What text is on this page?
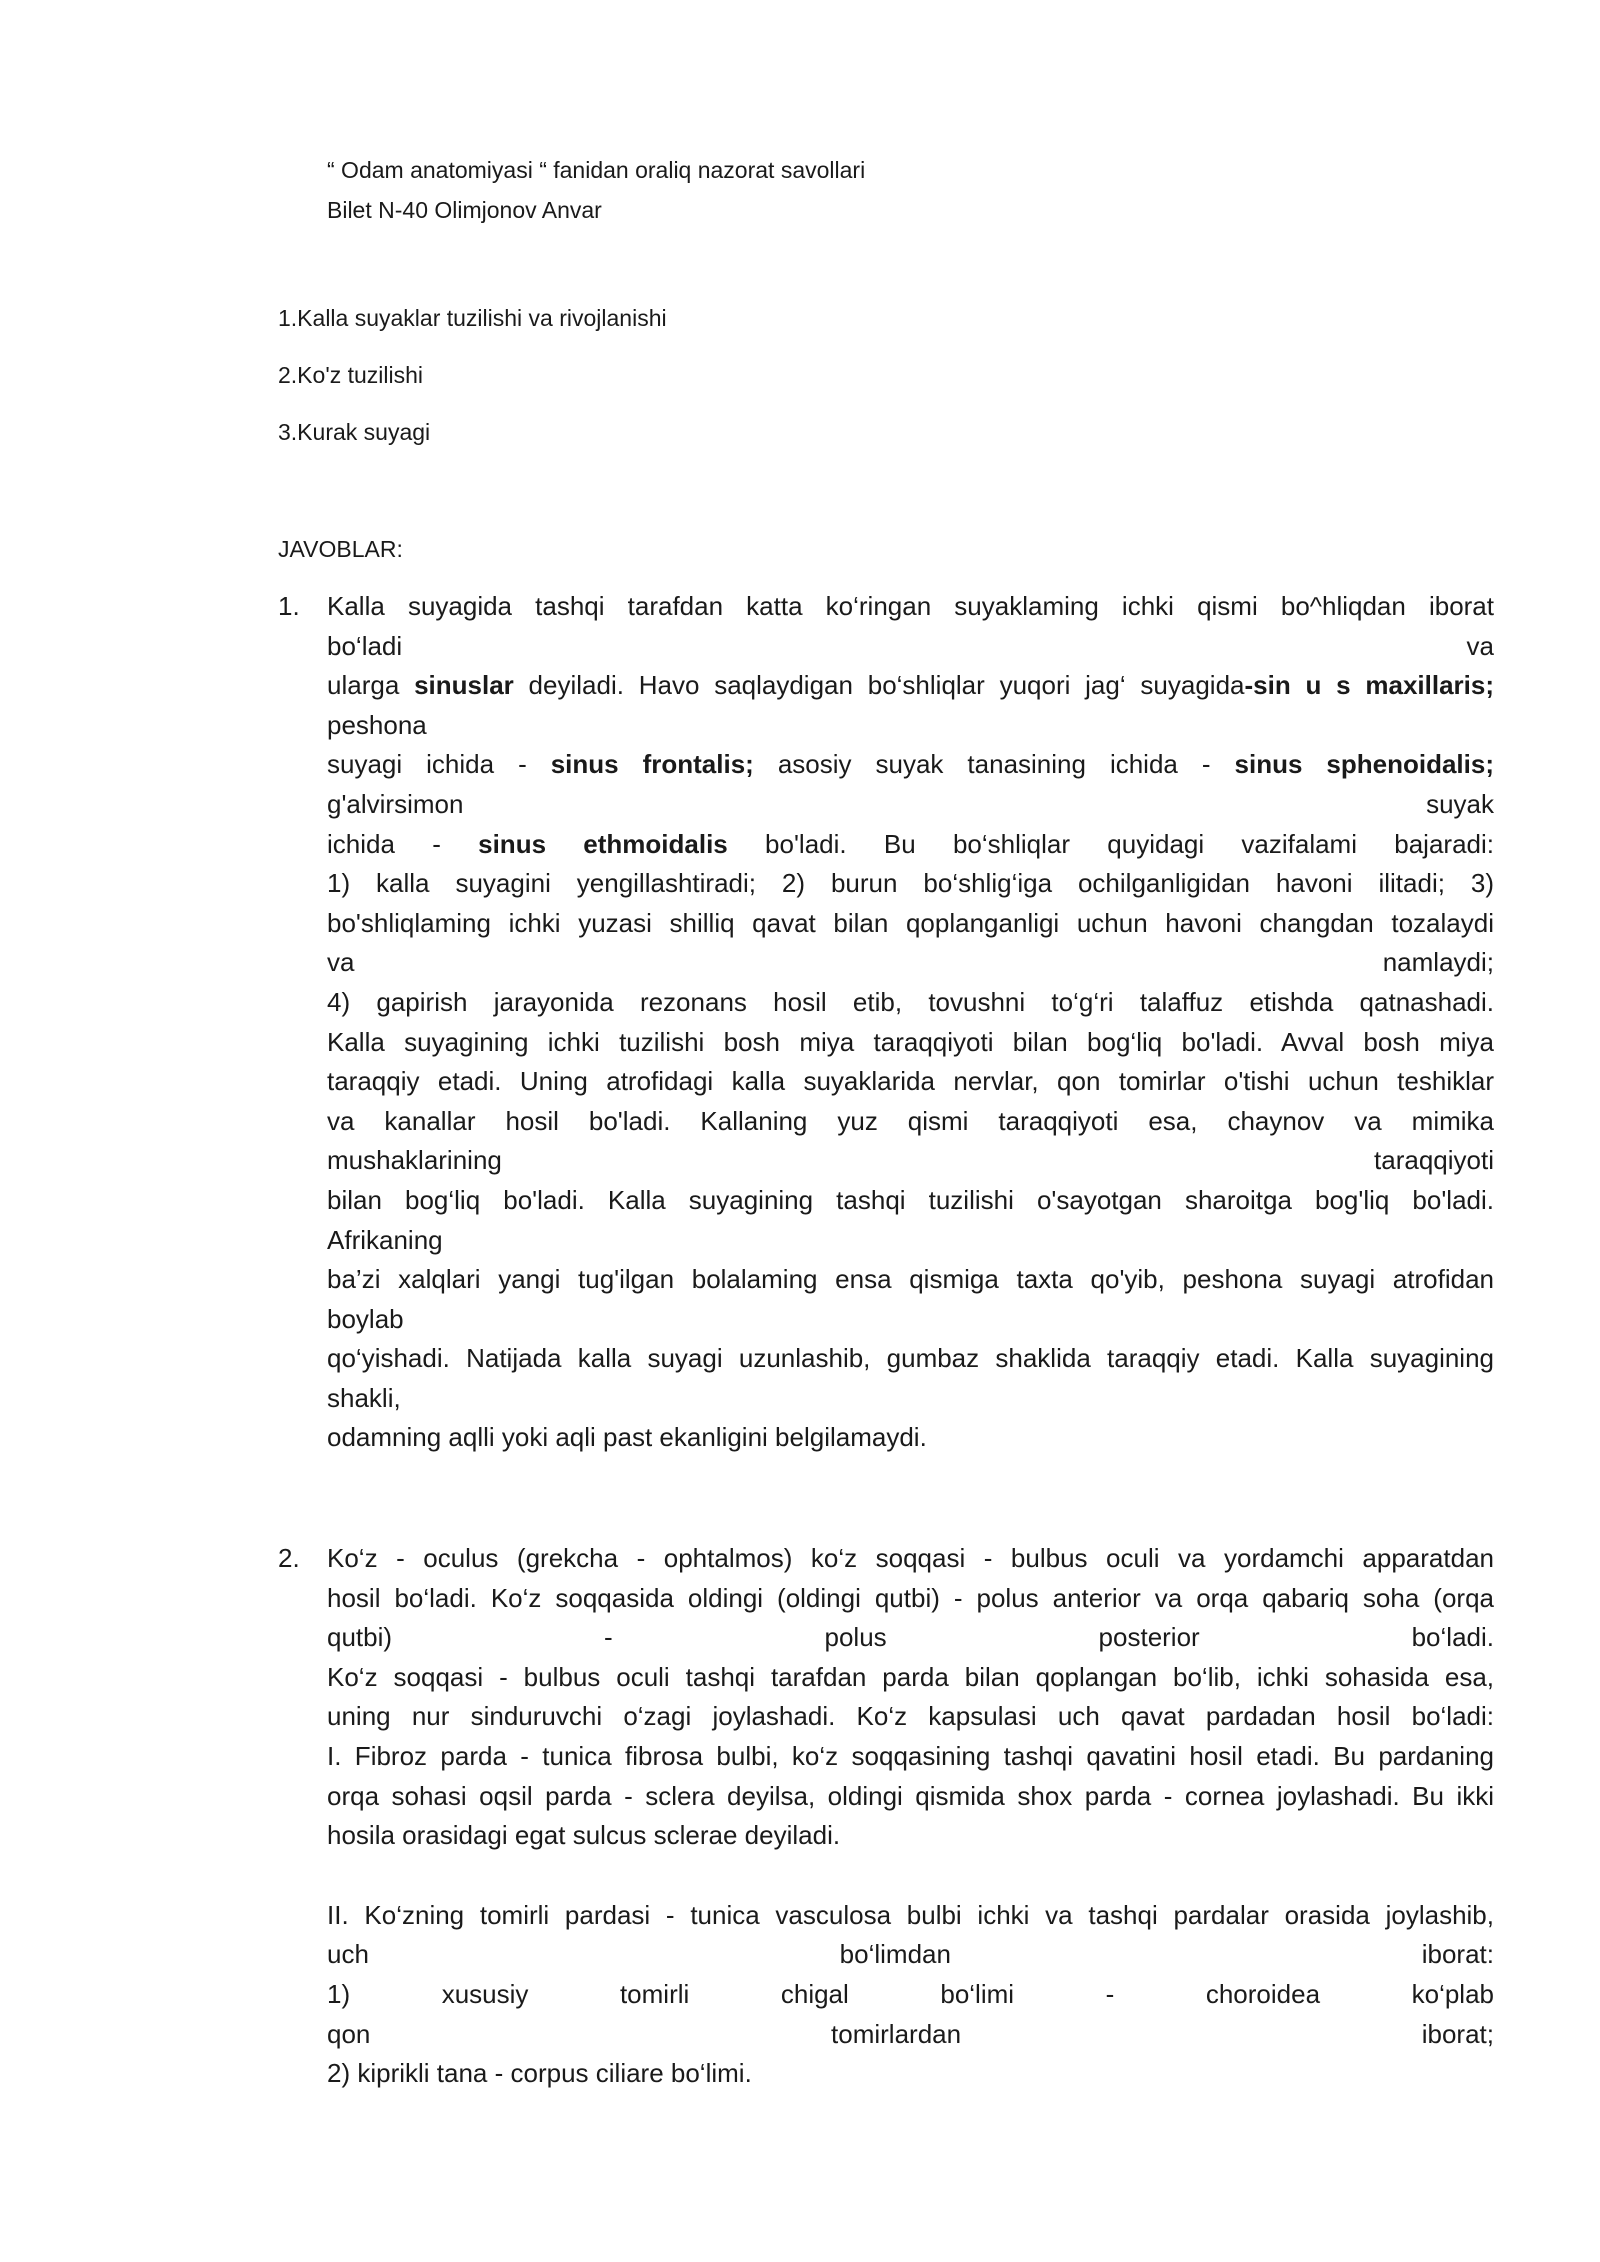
“ Odam anatomiyasi “ fanidan oraliq nazorat savollari
Bilet N-40 Olimjonov Anvar
1.Kalla suyaklar tuzilishi va rivojlanishi
2.Ko'z tuzilishi
3.Kurak suyagi
JAVOBLAR:
1. Kalla suyagida tashqi tarafdan katta ko‘ringan suyaklaming ichki qismi bo^hliqdan iborat
bo‘ladi	va
ularga sinuslar deyiladi. Havo saqlaydigan bo‘shliqlar yuqori jag‘ suyagida-sin u s maxillaris;
peshona
suyagi ichida - sinus frontalis; asosiy suyak tanasining ichida - sinus sphenoidalis;
g'alvirsimon	suyak
ichida - sinus ethmoidalis bo'ladi. Bu bo‘shliqlar quyidagi vazifalami bajaradi:
1) kalla suyagini yengillashtiradi; 2) burun bo‘shlig‘iga ochilganligidan havoni ilitadi; 3)
bo'shliqlaming ichki yuzasi shilliq qavat bilan qoplanganligi uchun havoni changdan tozalaydi
va	namlaydi;
4) gapirish jarayonida rezonans hosil etib, tovushni to‘g‘ri talaffuz etishda qatnashadi.
Kalla suyagining ichki tuzilishi bosh miya taraqqiyoti bilan bog‘liq bo'ladi. Avval bosh miya
taraqqiy etadi. Uning atrofidagi kalla suyaklarida nervlar, qon tomirlar o'tishi uchun teshiklar
va kanallar hosil bo'ladi. Kallaning yuz qismi taraqqiyoti esa, chaynov va mimika
mushaklarining	taraqqiyoti
bilan bog‘liq bo'ladi. Kalla suyagining tashqi tuzilishi o'sayotgan sharoitga bog'liq bo'ladi.
Afrikaning
ba’zi xalqlari yangi tug'ilgan bolalaming ensa qismiga taxta qo'yib, peshona suyagi atrofidan
boylab
qo‘yishadi. Natijada kalla suyagi uzunlashib, gumbaz shaklida taraqqiy etadi. Kalla suyagining
shakli,
odamning aqlli yoki aqli past ekanligini belgilamaydi.
2. Ko‘z - oculus (grekcha - ophtalmos) ko‘z soqqasi - bulbus oculi va yordamchi apparatdan
hosil bo‘ladi. Ko‘z soqqasida oldingi (oldingi qutbi) - polus anterior va orqa qabariq soha (orqa
qutbi)	-	polus	posterior	bo‘ladi.
Ko‘z soqqasi - bulbus oculi tashqi tarafdan parda bilan qoplangan bo‘lib, ichki sohasida esa,
uning nur sinduruvchi o‘zagi joylashadi. Ko‘z kapsulasi uch qavat pardadan hosil bo‘ladi:
I. Fibroz parda - tunica fibrosa bulbi, ko‘z soqqasining tashqi qavatini hosil etadi. Bu pardaning
orqa sohasi oqsil parda - sclera deyilsa, oldingi qismida shox parda - cornea joylashadi. Bu ikki
hosila orasidagi egat sulcus sclerae deyiladi.
II. Ko‘zning tomirli pardasi - tunica vasculosa bulbi ichki va tashqi pardalar orasida joylashib,
uch	bo‘limdan	iborat:
1)	xususiy	tomirli	chigal	bo‘limi	-	choroidea	ko‘plab
qon	tomirlardan	iborat;
2) kiprikli tana - corpus ciliare bo‘limi.
